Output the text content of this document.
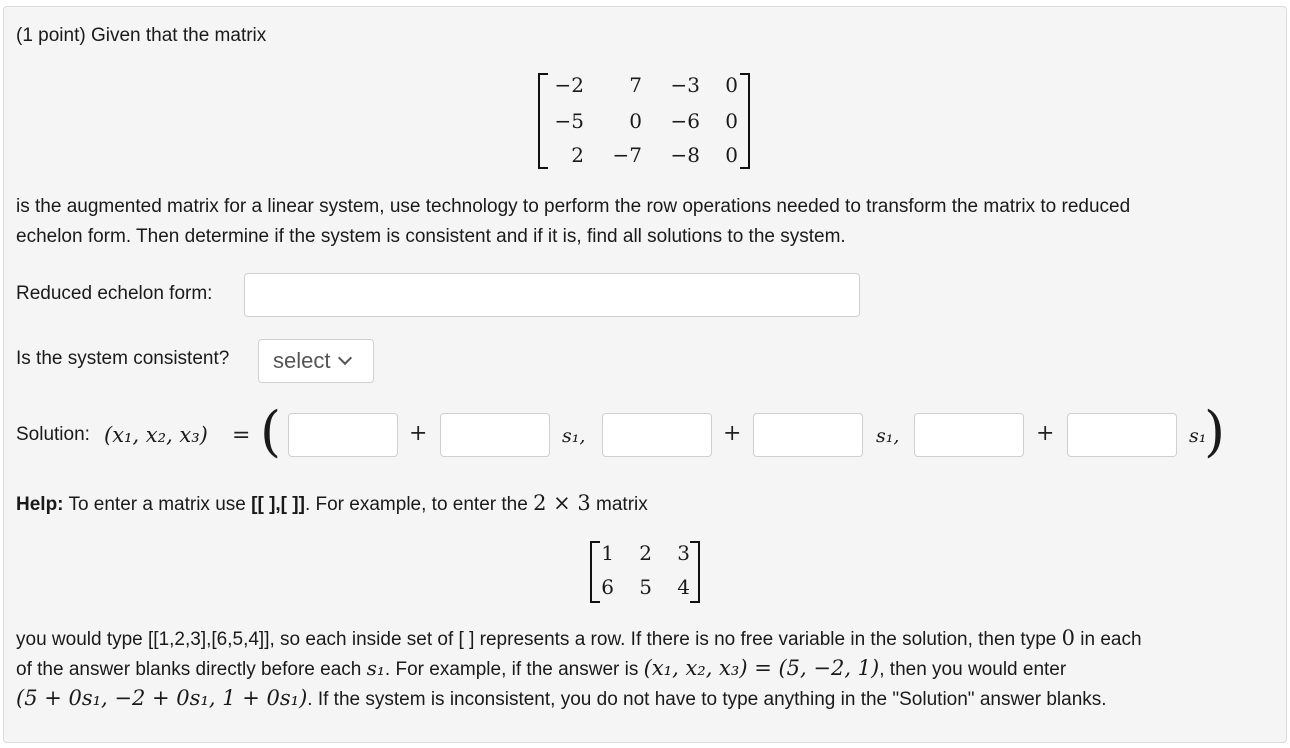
(1 point) Given that the matrix
−2	7	−3	0
−5	0	−6	0
2	−7	−8	0
is the augmented matrix for a linear system, use technology to perform the row operations needed to transform the matrix to reduced
echelon form. Then determine if the system is consistent and if it is, find all solutions to the system.
Reduced echelon form:
Is the system consistent? select
Solution: (x₁, x₂, x₃) = (	+	s₁,	+	s₁,	+	s₁
)
Help: To enter a matrix use [[ ],[ ]]. For example, to enter the 2 × 3 matrix
1	2	3
6	5	4
you would type [[1,2,3],[6,5,4]], so each inside set of [ ] represents a row. If there is no free variable in the solution, then type 0 in each
of the answer blanks directly before each s₁. For example, if the answer is (x₁, x₂, x₃) = (5, −2, 1), then you would enter
(5 + 0s₁, −2 + 0s₁, 1 + 0s₁). If the system is inconsistent, you do not have to type anything in the "Solution" answer blanks.
